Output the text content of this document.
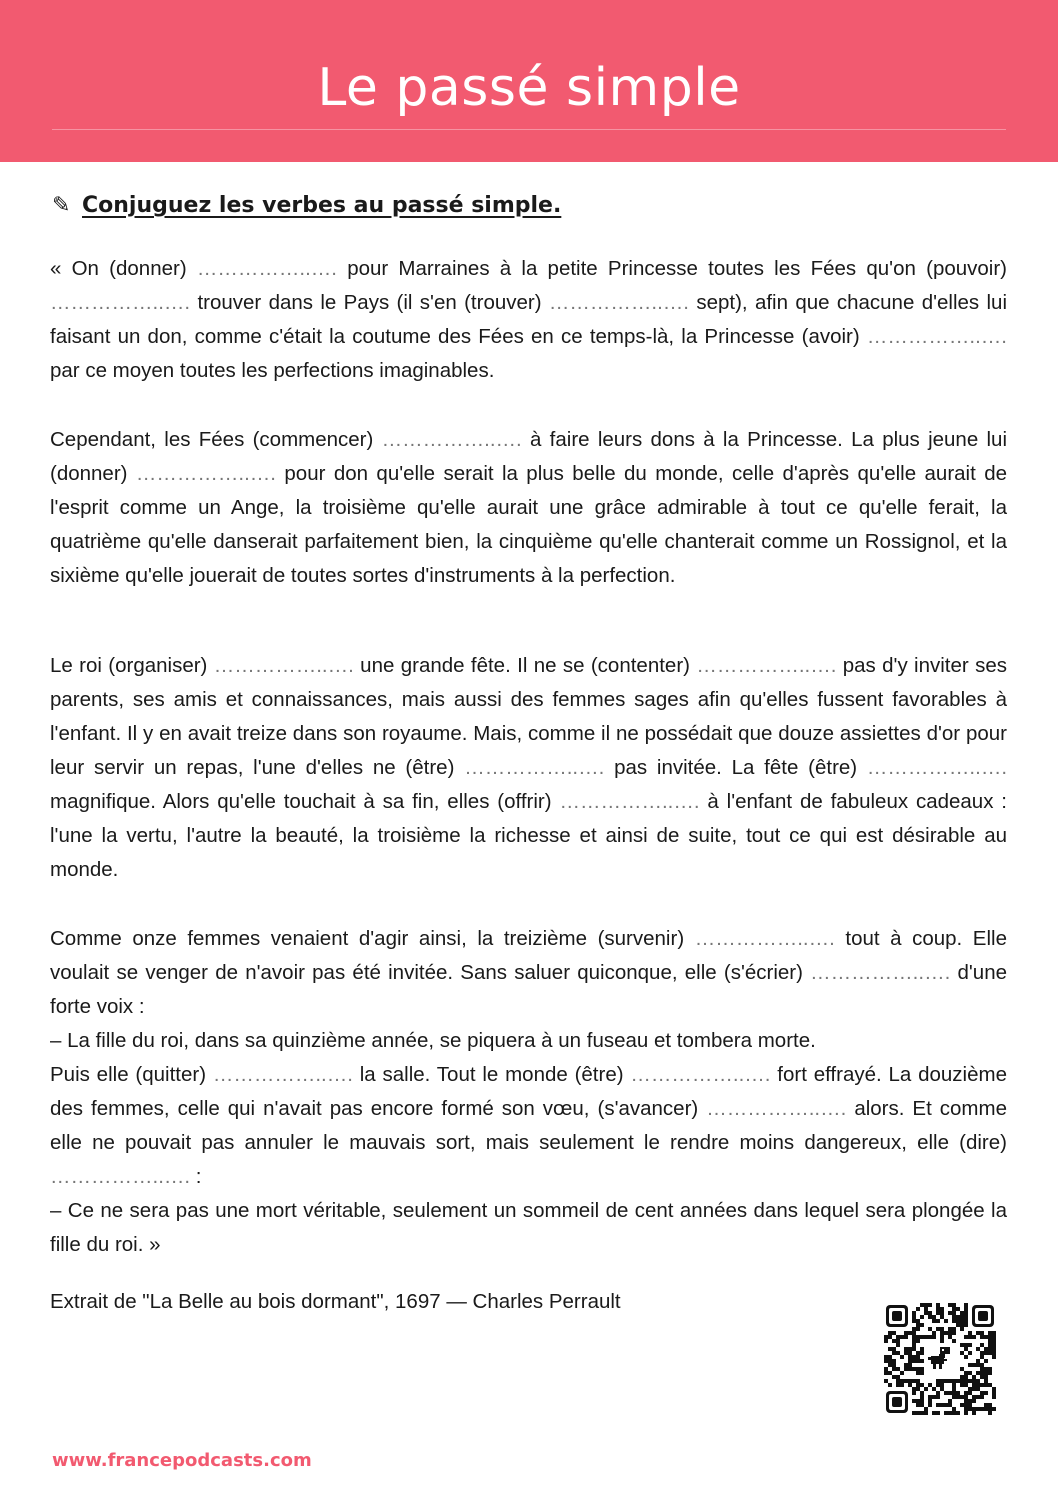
Le passé simple
✎ Conjuguez les verbes au passé simple.

« On (donner) ……………..…. pour Marraines à la petite Princesse toutes les Fées qu'on (pouvoir) ……………..…. trouver dans le Pays (il s'en (trouver) ……………..…. sept), afin que chacune d'elles lui faisant un don, comme c'était la coutume des Fées en ce temps-là, la Princesse (avoir) ……………..…. par ce moyen toutes les perfections imaginables.

Cependant, les Fées (commencer) ……………..…. à faire leurs dons à la Princesse. La plus jeune lui (donner) ……………..…. pour don qu'elle serait la plus belle du monde, celle d'après qu'elle aurait de l'esprit comme un Ange, la troisième qu'elle aurait une grâce admirable à tout ce qu'elle ferait, la quatrième qu'elle danserait parfaitement bien, la cinquième qu'elle chanterait comme un Rossignol, et la sixième qu'elle jouerait de toutes sortes d'instruments à la perfection.

Le roi (organiser) ……………..…. une grande fête. Il ne se (contenter) ……………..…. pas d'y inviter ses parents, ses amis et connaissances, mais aussi des femmes sages afin qu'elles fussent favorables à l'enfant. Il y en avait treize dans son royaume. Mais, comme il ne possédait que douze assiettes d'or pour leur servir un repas, l'une d'elles ne (être) ……………..…. pas invitée. La fête (être) ……………..…. magnifique. Alors qu'elle touchait à sa fin, elles (offrir) ……………..…. à l'enfant de fabuleux cadeaux : l'une la vertu, l'autre la beauté, la troisième la richesse et ainsi de suite, tout ce qui est désirable au monde.

Comme onze femmes venaient d'agir ainsi, la treizième (survenir) ……………..…. tout à coup. Elle voulait se venger de n'avoir pas été invitée. Sans saluer quiconque, elle (s'écrier) ……………..…. d'une forte voix :

– La fille du roi, dans sa quinzième année, se piquera à un fuseau et tombera morte.

Puis elle (quitter) ……………..…. la salle. Tout le monde (être) ……………..…. fort effrayé. La douzième des femmes, celle qui n'avait pas encore formé son vœu, (s'avancer) ……………..…. alors. Et comme elle ne pouvait pas annuler le mauvais sort, mais seulement le rendre moins dangereux, elle (dire) ……………..…. :

– Ce ne sera pas une mort véritable, seulement un sommeil de cent années dans lequel sera plongée la fille du roi. »

Extrait de "La Belle au bois dormant", 1697 — Charles Perrault
www.francepodcasts.com
